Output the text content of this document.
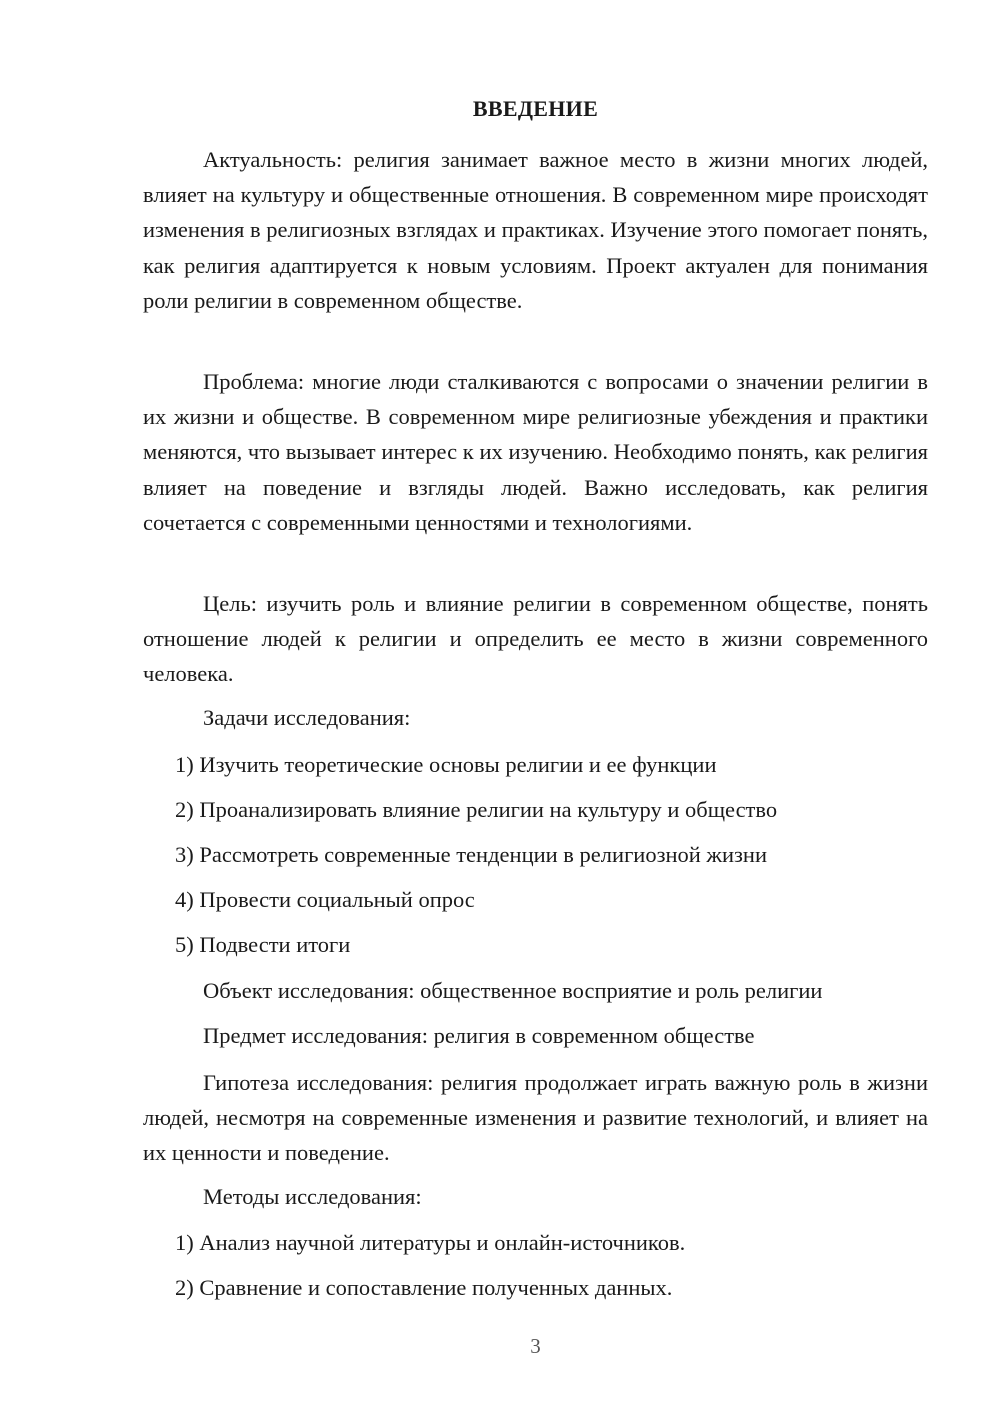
ВВЕДЕНИЕ
Актуальность: религия занимает важное место в жизни многих людей, влияет на культуру и общественные отношения. В современном мире происходят изменения в религиозных взглядах и практиках. Изучение этого помогает понять, как религия адаптируется к новым условиям. Проект актуален для понимания роли религии в современном обществе.
Проблема: многие люди сталкиваются с вопросами о значении религии в их жизни и обществе. В современном мире религиозные убеждения и практики меняются, что вызывает интерес к их изучению. Необходимо понять, как религия влияет на поведение и взгляды людей. Важно исследовать, как религия сочетается с современными ценностями и технологиями.
Цель: изучить роль и влияние религии в современном обществе, понять отношение людей к религии и определить ее место в жизни современного человека.
Задачи исследования:
1) Изучить теоретические основы религии и ее функции
2) Проанализировать влияние религии на культуру и общество
3) Рассмотреть современные тенденции в религиозной жизни
4) Провести социальный опрос
5) Подвести итоги
Объект исследования: общественное восприятие и роль религии
Предмет исследования: религия в современном обществе
Гипотеза исследования: религия продолжает играть важную роль в жизни людей, несмотря на современные изменения и развитие технологий, и влияет на их ценности и поведение.
Методы исследования:
1) Анализ научной литературы и онлайн-источников.
2) Сравнение и сопоставление полученных данных.
3
